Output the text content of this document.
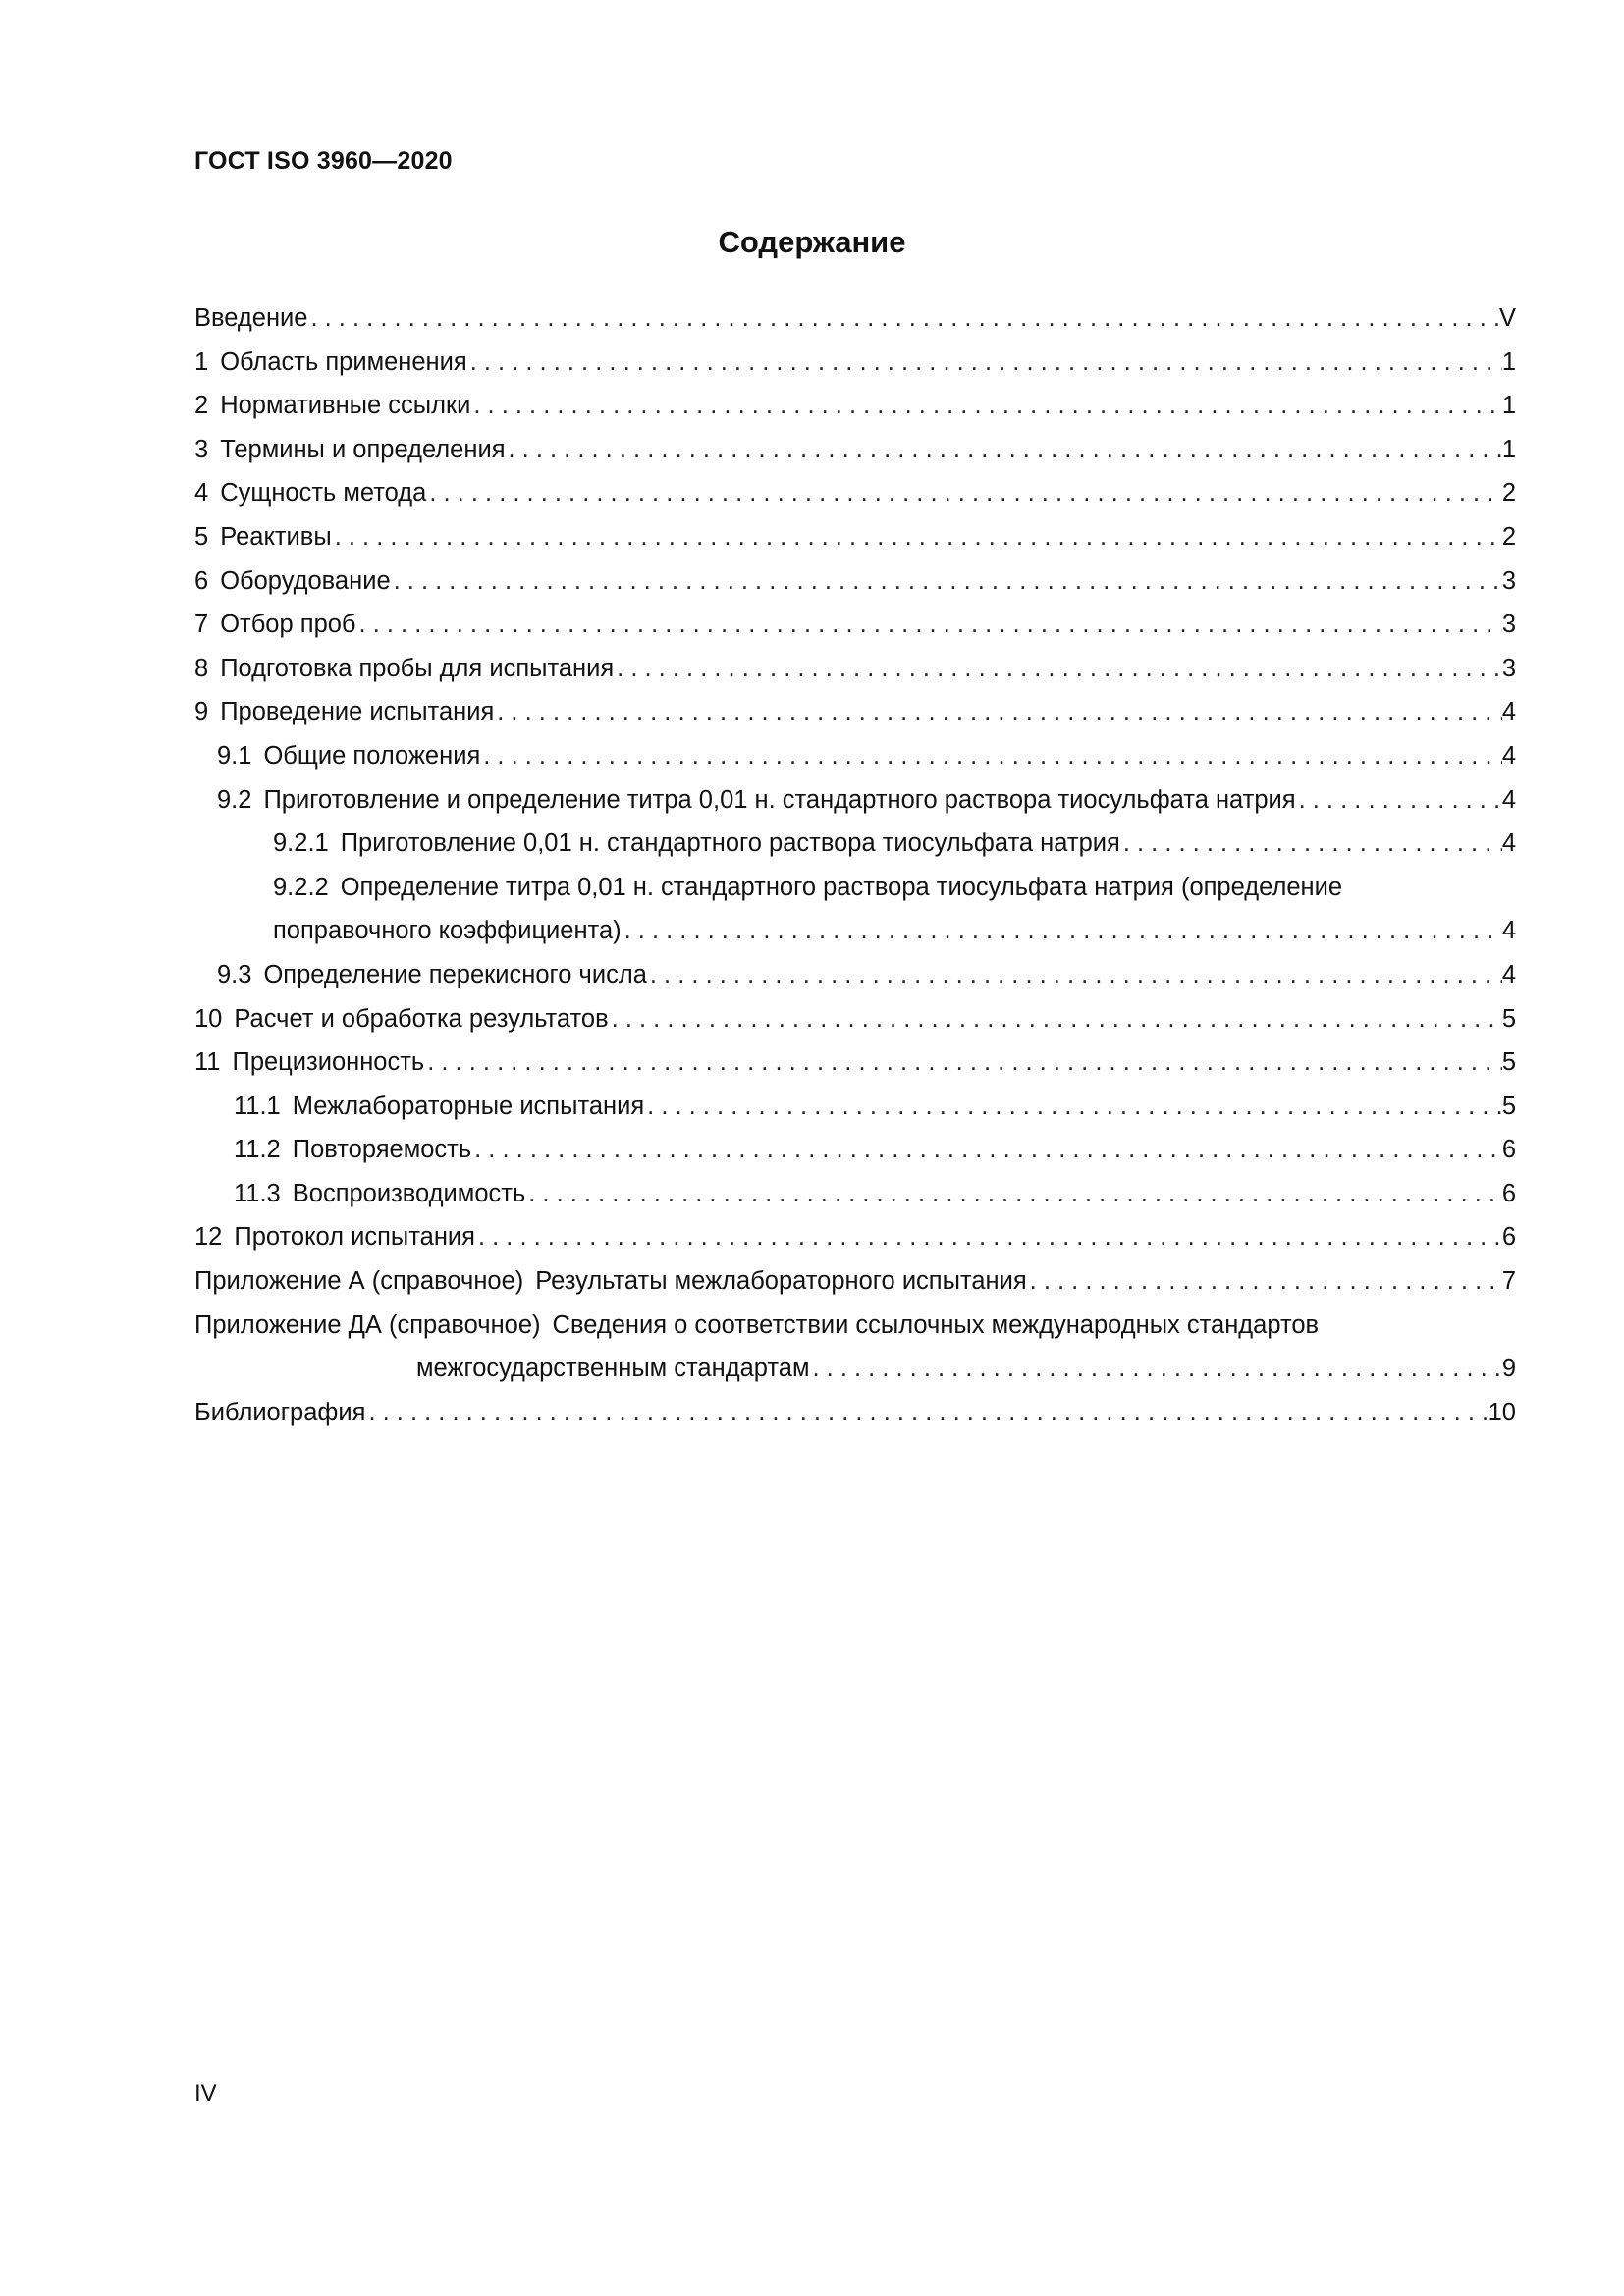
ГОСТ ISO 3960—2020
Содержание
Введение . . .	V
1 Область применения . . .	1
2 Нормативные ссылки . . .	1
3 Термины и определения . . .	1
4 Сущность метода . . .	2
5 Реактивы . . .	2
6 Оборудование . . .	3
7 Отбор проб . . .	3
8 Подготовка пробы для испытания . . .	3
9 Проведение испытания . . .	4
9.1 Общие положения . . .	4
9.2 Приготовление и определение титра 0,01 н. стандартного раствора тиосульфата натрия . . .	4
9.2.1 Приготовление 0,01 н. стандартного раствора тиосульфата натрия . . .	4
9.2.2 Определение титра 0,01 н. стандартного раствора тиосульфата натрия (определение
поправочного коэффициента) . . .	4
9.3 Определение перекисного числа . . .	4
10 Расчет и обработка результатов . . .	5
11 Прецизионность . . .	5
11.1 Межлабораторные испытания . . .	5
11.2 Повторяемость . . .	6
11.3 Воспроизводимость . . .	6
12 Протокол испытания . . .	6
Приложение А (справочное) Результаты межлабораторного испытания . . .	7
Приложение ДА (справочное) Сведения о соответствии ссылочных международных стандартов
межгосударственным стандартам . . .	9
Библиография . . .	10
IV
